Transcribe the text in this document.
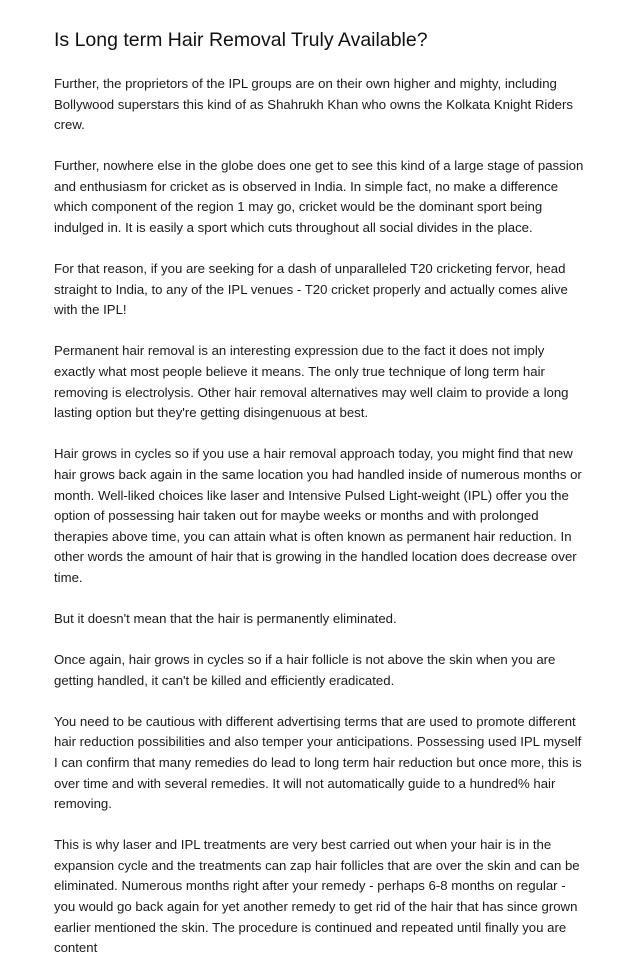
Is Long term Hair Removal Truly Available?

Further, the proprietors of the IPL groups are on their own higher and mighty, including Bollywood superstars this kind of as Shahrukh Khan who owns the Kolkata Knight Riders crew.

Further, nowhere else in the globe does one get to see this kind of a large stage of passion and enthusiasm for cricket as is observed in India. In simple fact, no make a difference which component of the region 1 may go, cricket would be the dominant sport being indulged in. It is easily a sport which cuts throughout all social divides in the place.

For that reason, if you are seeking for a dash of unparalleled T20 cricketing fervor, head straight to India, to any of the IPL venues - T20 cricket properly and actually comes alive with the IPL!

Permanent hair removal is an interesting expression due to the fact it does not imply exactly what most people believe it means. The only true technique of long term hair removing is electrolysis. Other hair removal alternatives may well claim to provide a long lasting option but they're getting disingenuous at best.

Hair grows in cycles so if you use a hair removal approach today, you might find that new hair grows back again in the same location you had handled inside of numerous months or month. Well-liked choices like laser and Intensive Pulsed Light-weight (IPL) offer you the option of possessing hair taken out for maybe weeks or months and with prolonged therapies above time, you can attain what is often known as permanent hair reduction. In other words the amount of hair that is growing in the handled location does decrease over time.

But it doesn't mean that the hair is permanently eliminated.

Once again, hair grows in cycles so if a hair follicle is not above the skin when you are getting handled, it can't be killed and efficiently eradicated.

You need to be cautious with different advertising terms that are used to promote different hair reduction possibilities and also temper your anticipations. Possessing used IPL myself I can confirm that many remedies do lead to long term hair reduction but once more, this is over time and with several remedies. It will not automatically guide to a hundred% hair removing.

This is why laser and IPL treatments are very best carried out when your hair is in the expansion cycle and the treatments can zap hair follicles that are over the skin and can be eliminated. Numerous months right after your remedy - perhaps 6-8 months on regular - you would go back again for yet another remedy to get rid of the hair that has since grown earlier mentioned the skin. The procedure is continued and repeated until finally you are content
